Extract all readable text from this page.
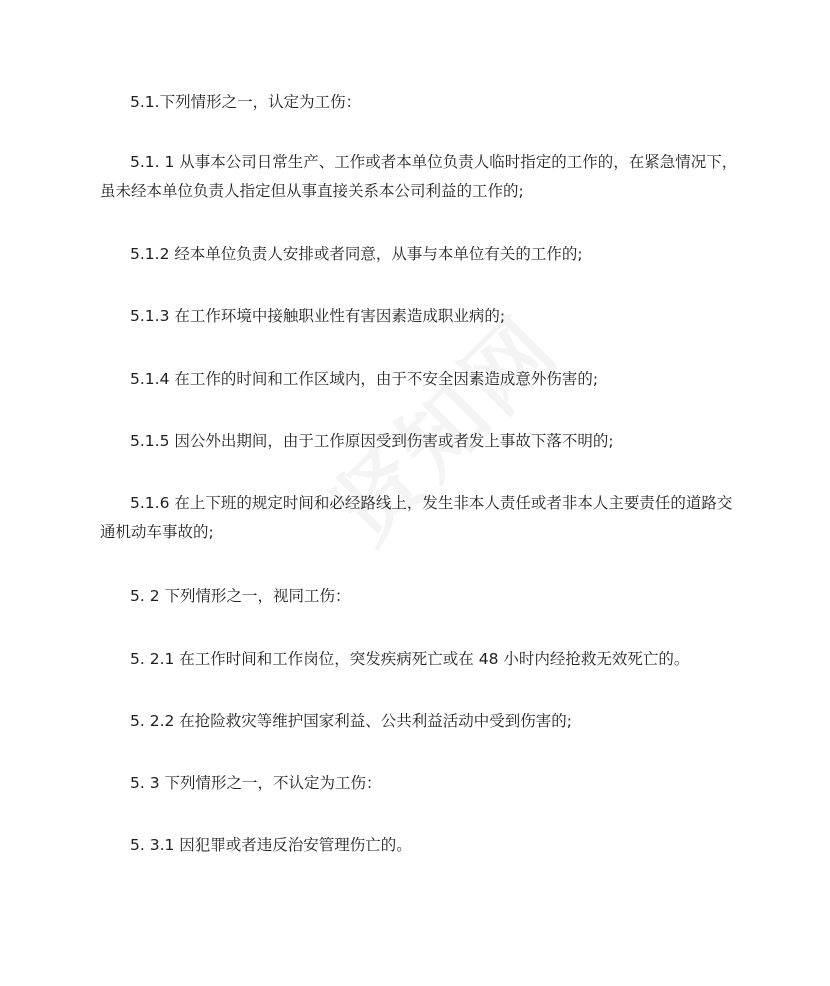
5.1.下列情形之一，认定为工伤：

5.1. 1 从事本公司日常生产、工作或者本单位负责人临时指定的工作的，在紧急情况下，虽未经本单位负责人指定但从事直接关系本公司利益的工作的;

5.1.2 经本单位负责人安排或者同意，从事与本单位有关的工作的;

5.1.3 在工作环境中接触职业性有害因素造成职业病的;

5.1.4 在工作的时间和工作区域内，由于不安全因素造成意外伤害的;

5.1.5 因公外出期间，由于工作原因受到伤害或者发上事故下落不明的;

5.1.6 在上下班的规定时间和必经路线上，发生非本人责任或者非本人主要责任的道路交通机动车事故的;

5. 2 下列情形之一，视同工伤：

5. 2.1 在工作时间和工作岗位，突发疾病死亡或在 48 小时内经抢救无效死亡的。

5. 2.2 在抢险救灾等维护国家利益、公共利益活动中受到伤害的;

5. 3 下列情形之一，不认定为工伤：

5. 3.1 因犯罪或者违反治安管理伤亡的。
